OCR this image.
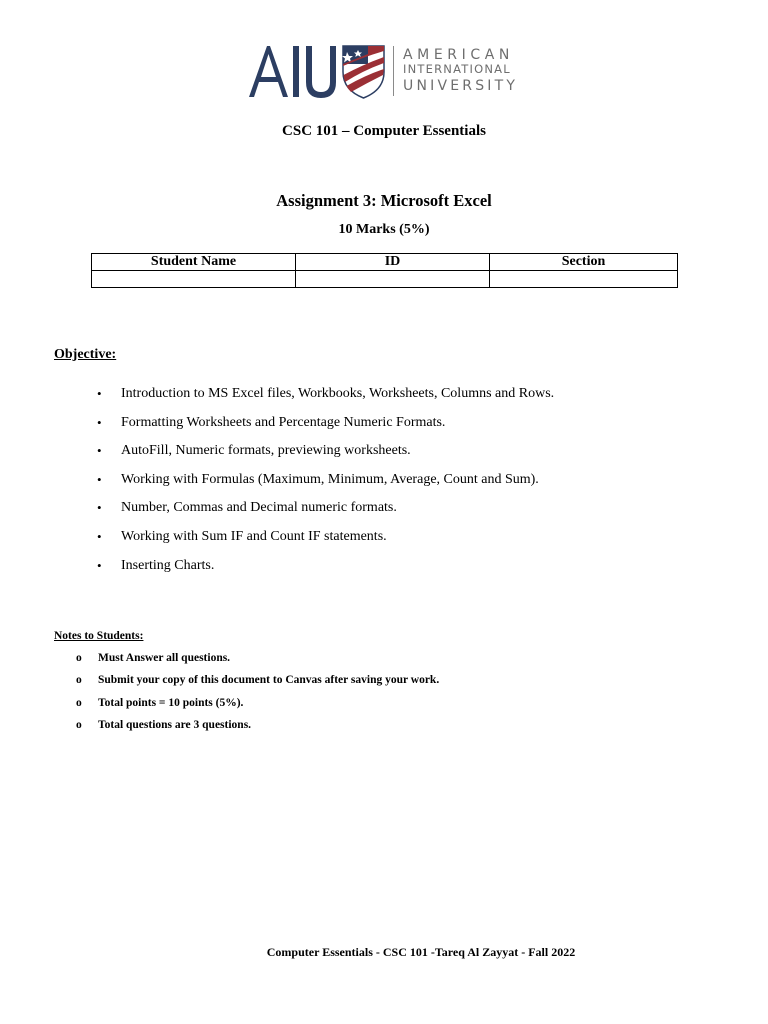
AMERICAN
INTERNATIONAL
UNIVERSITY
CSC 101 – Computer Essentials
Assignment 3: Microsoft Excel
10 Marks (5%)
Student Name	ID	Section

Objective:
• Introduction to MS Excel files, Workbooks, Worksheets, Columns and Rows.
• Formatting Worksheets and Percentage Numeric Formats.
• AutoFill, Numeric formats, previewing worksheets.
• Working with Formulas (Maximum, Minimum, Average, Count and Sum).
• Number, Commas and Decimal numeric formats.
• Working with Sum IF and Count IF statements.
• Inserting Charts.
Notes to Students:
o Must Answer all questions.
o Submit your copy of this document to Canvas after saving your work.
o Total points = 10 points (5%).
o Total questions are 3 questions.
Computer Essentials - CSC 101 -Tareq Al Zayyat - Fall 2022
